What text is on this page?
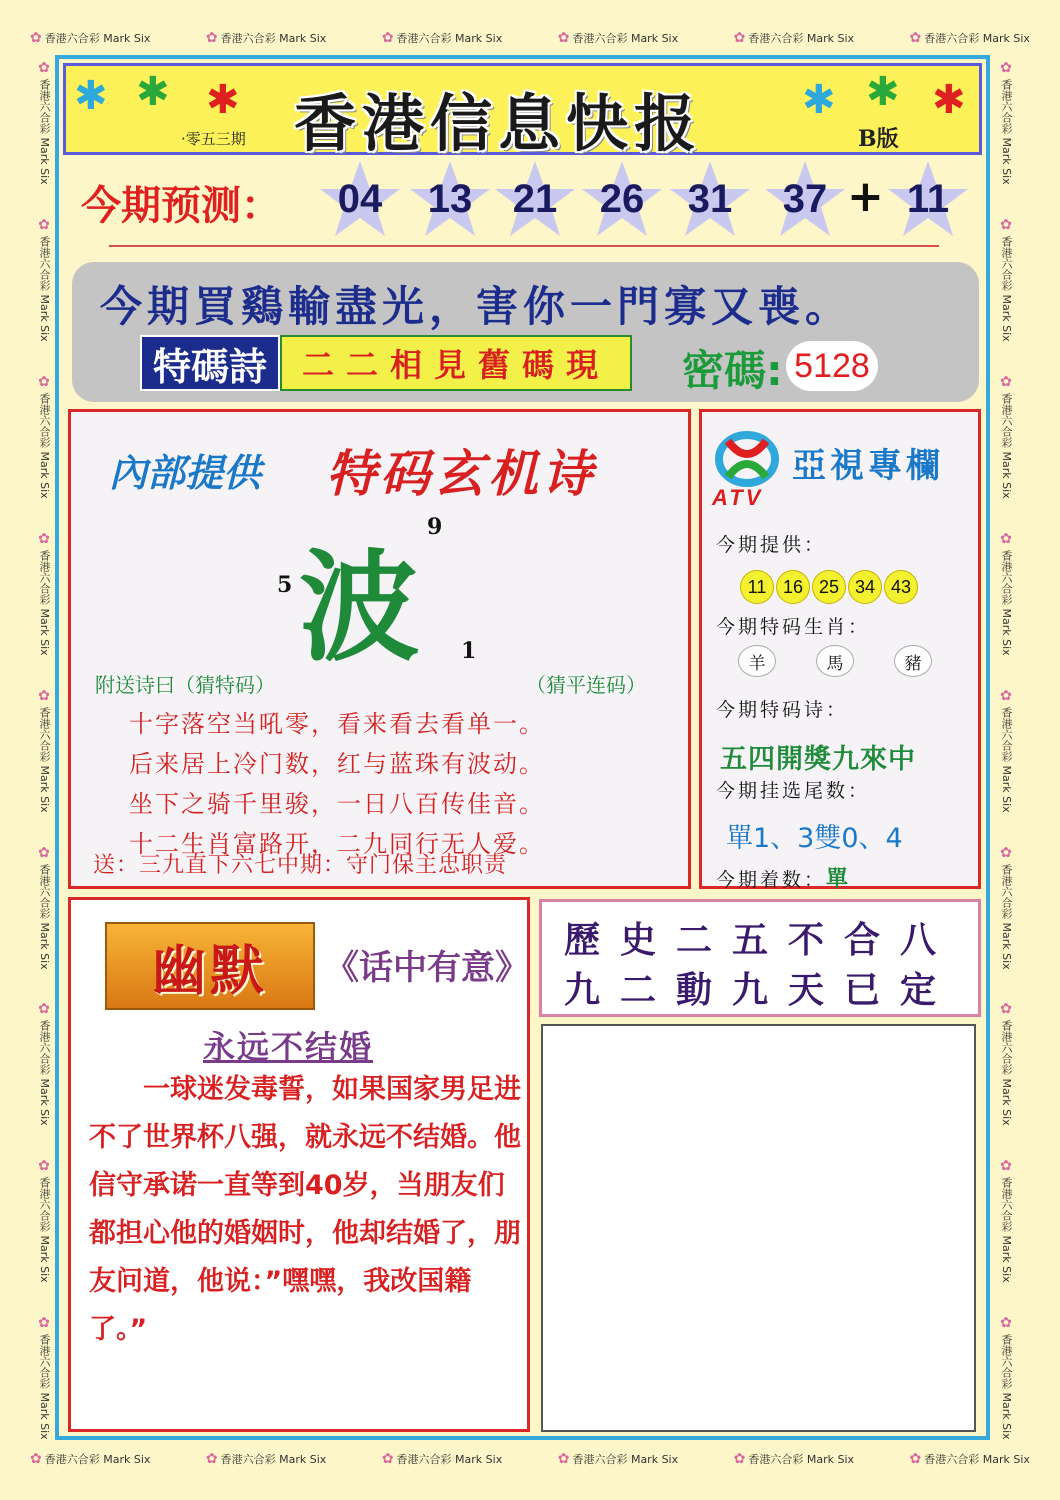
✿ 香港六合彩 Mark Six	✿ 香港六合彩 Mark Six	✿ 香港六合彩 Mark Six	✿ 香港六合彩 Mark Six	✿ 香港六合彩 Mark Six	✿ 香港六合彩 Mark Six
✿ 香港六合彩 Mark Six	✿ 香港六合彩 Mark Six	✿ 香港六合彩 Mark Six	✿ 香港六合彩 Mark Six	✿ 香港六合彩 Mark Six	✿ 香港六合彩 Mark Six
✿
香港六合彩 Mark Six
✿
香港六合彩 Mark Six
✿
香港六合彩 Mark Six
✿
香港六合彩 Mark Six
✿
香港六合彩 Mark Six
✿
香港六合彩 Mark Six
✿
香港六合彩 Mark Six
✿
香港六合彩 Mark Six
✿
香港六合彩 Mark Six
✿
香港六合彩 Mark Six
✿
香港六合彩 Mark Six
✿
香港六合彩 Mark Six
✿
香港六合彩 Mark Six
✿
香港六合彩 Mark Six
✿
香港六合彩 Mark Six
✿
香港六合彩 Mark Six
✿
香港六合彩 Mark Six
✿
香港六合彩 Mark Six
✱ ✱ ✱	✱ ✱ ✱
香港信息快报
·零五三期	B版
今期预测： 04 13 21 26 31 37 + 11
今期買鷄輸盡光，害你一門寡又喪。
特碼詩	二二相見舊碼現	密碼: 5128
內部提供 特码玄机诗
波
9
5
1
附送诗曰（猜特码）	（猜平连码）
十字落空当吼零，看来看去看单一。
后来居上冷门数，红与蓝珠有波动。
坐下之骑千里骏，一日八百传佳音。
十二生肖富路开，二九同行无人爱。
送：三九直下六七中期：守门保主忠职责
ATV
亞視專欄
今期提供：
11 16 25 34 43
今期特码生肖：
羊	馬	豬
今期特码诗：
五四開獎九來中
今期挂选尾数：
單1、3雙0、4
今期着数：單
幽默	《话中有意》
永远不结婚
一球迷发毒誓，如果国家男足进不了世界杯八强，就永远不结婚。他信守承诺一直等到40岁，当朋友们都担心他的婚姻时，他却结婚了，朋友问道，他说：”嘿嘿，我改国籍了。”
歷史二五不合八
九二動九天已定
